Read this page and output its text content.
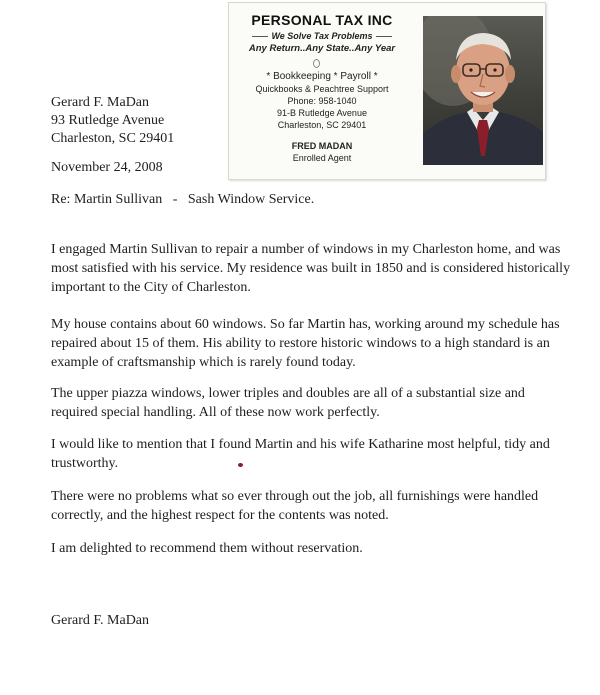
PERSONAL TAX INC
We Solve Tax Problems
Any Return..Any State..Any Year
* Bookkeeping * Payroll *
Quickbooks & Peachtree Support
Phone: 958-1040
91-B Rutledge Avenue
Charleston, SC 29401
FRED MADAN
Enrolled Agent
Gerard F. MaDan
93 Rutledge Avenue
Charleston, SC 29401
November 24, 2008
Re: Martin Sullivan   -   Sash Window Service.

I engaged Martin Sullivan to repair a number of windows in my Charleston home, and was most satisfied with his service. My residence was built in 1850 and is considered historically important to the City of Charleston.

My house contains about 60 windows. So far Martin has, working around my schedule has repaired about 15 of them. His ability to restore historic windows to a high standard is an example of craftsmanship which is rarely found today.

The upper piazza windows, lower triples and doubles are all of a substantial size and required special handling. All of these now work perfectly.

I would like to mention that I found Martin and his wife Katharine most helpful, tidy and trustworthy.

There were no problems what so ever through out the job, all furnishings were handled correctly, and the highest respect for the contents was noted.

I am delighted to recommend them without reservation.

Gerard F. MaDan
